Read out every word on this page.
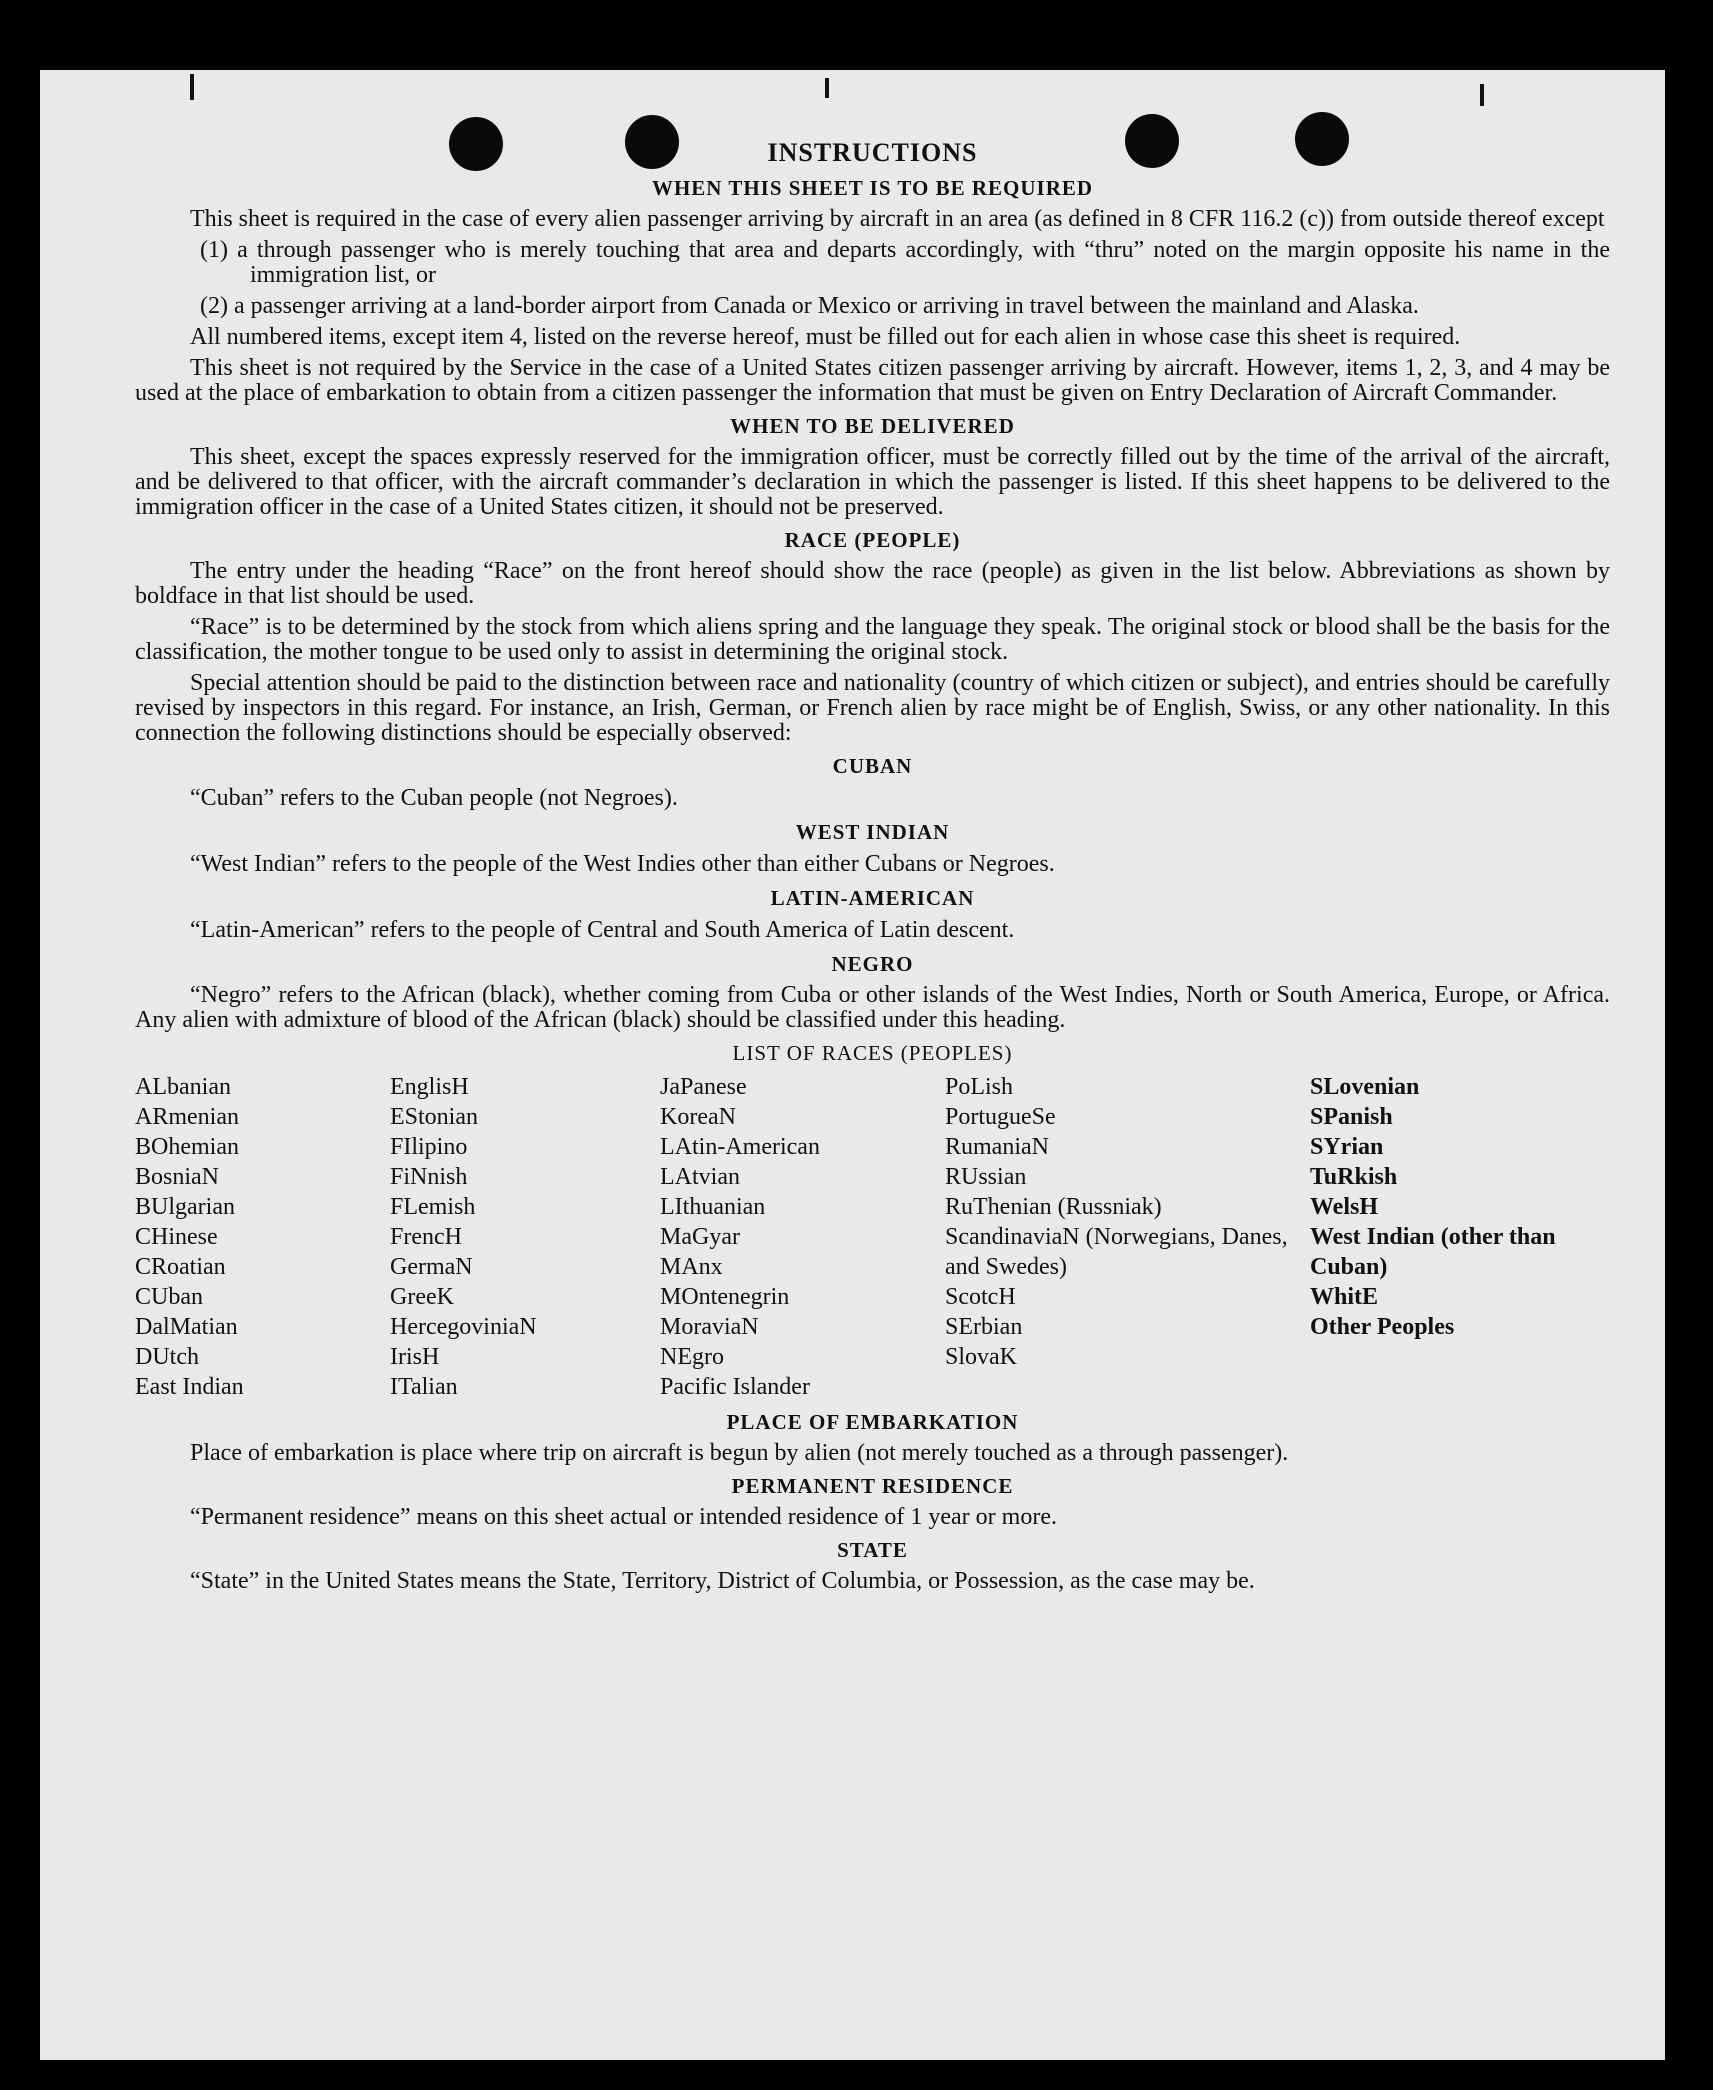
INSTRUCTIONS
WHEN THIS SHEET IS TO BE REQUIRED

This sheet is required in the case of every alien passenger arriving by aircraft in an area (as defined in 8 CFR 116.2 (c)) from outside thereof except

(1) a through passenger who is merely touching that area and departs accordingly, with “thru” noted on the margin opposite his name in the immigration list, or

(2) a passenger arriving at a land-border airport from Canada or Mexico or arriving in travel between the mainland and Alaska.

All numbered items, except item 4, listed on the reverse hereof, must be filled out for each alien in whose case this sheet is required.

This sheet is not required by the Service in the case of a United States citizen passenger arriving by aircraft. However, items 1, 2, 3, and 4 may be used at the place of embarkation to obtain from a citizen passenger the information that must be given on Entry Declaration of Aircraft Commander.

WHEN TO BE DELIVERED

This sheet, except the spaces expressly reserved for the immigration officer, must be correctly filled out by the time of the arrival of the aircraft, and be delivered to that officer, with the aircraft commander’s declaration in which the passenger is listed. If this sheet happens to be delivered to the immigration officer in the case of a United States citizen, it should not be preserved.

RACE (PEOPLE)

The entry under the heading “Race” on the front hereof should show the race (people) as given in the list below. Abbreviations as shown by boldface in that list should be used.

“Race” is to be determined by the stock from which aliens spring and the language they speak. The original stock or blood shall be the basis for the classification, the mother tongue to be used only to assist in determining the original stock.

Special attention should be paid to the distinction between race and nationality (country of which citizen or subject), and entries should be carefully revised by inspectors in this regard. For instance, an Irish, German, or French alien by race might be of English, Swiss, or any other nationality. In this connection the following distinctions should be especially observed:

CUBAN
“Cuban” refers to the Cuban people (not Negroes).
WEST INDIAN
“West Indian” refers to the people of the West Indies other than either Cubans or Negroes.
LATIN-AMERICAN
“Latin-American” refers to the people of Central and South America of Latin descent.
NEGRO

“Negro” refers to the African (black), whether coming from Cuba or other islands of the West Indies, North or South America, Europe, or Africa. Any alien with admixture of blood of the African (black) should be classified under this heading.

LIST OF RACES (PEOPLES)
ALbanian
ARmenian
BOhemian
BosniaN
BUlgarian
CHinese
CRoatian
CUban
DalMatian
DUtch
East Indian
EnglisH
EStonian
FIlipino
FiNnish
FLemish
FrencH
GermaN
GreeK
HercegoviniaN
IrisH
ITalian
JaPanese
KoreaN
LAtin-American
LAtvian
LIthuanian
MaGyar
MAnx
MOntenegrin
MoraviaN
NEgro
Pacific Islander
PoLish
PortugueSe
RumaniaN
RUssian
RuThenian (Russniak)
ScandinaviaN (Norwegians, Danes, and Swedes)
ScotcH
SErbian
SlovaK
SLovenian
SPanish
SYrian
TuRkish
WelsH
West Indian (other than Cuban)
WhitE
Other Peoples
PLACE OF EMBARKATION

Place of embarkation is place where trip on aircraft is begun by alien (not merely touched as a through passenger).

PERMANENT RESIDENCE

“Permanent residence” means on this sheet actual or intended residence of 1 year or more.

STATE

“State” in the United States means the State, Territory, District of Columbia, or Possession, as the case may be.
